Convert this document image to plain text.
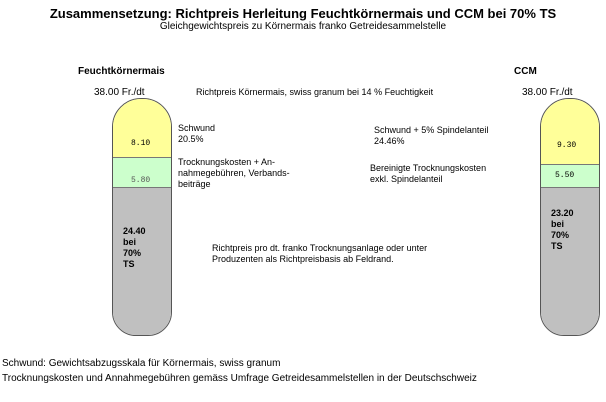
Zusammensetzung: Richtpreis Herleitung Feuchtkörnermais und CCM bei 70% TS
Gleichgewichtspreis zu Körnermais franko Getreidesammelstelle
Feuchtkörnermais
38.00 Fr./dt
8.10
5.80
24.40
bei
70%
TS
CCM
38.00 Fr./dt
9.30
5.50
23.20
bei
70%
TS
Richtpreis Körnermais, swiss granum bei 14 % Feuchtigkeit
Schwund
20.5%
Trocknungskosten + An-
nahmegebühren, Verbands-
beiträge
Schwund + 5% Spindelanteil
24.46%
Bereinigte Trocknungskosten
exkl. Spindelanteil
Richtpreis pro dt. franko Trocknungsanlage oder unter
Produzenten als Richtpreisbasis ab Feldrand.
Schwund: Gewichtsabzugsskala für Körnermais, swiss granum
Trocknungskosten und Annahmegebühren gemäss Umfrage Getreidesammelstellen in der Deutschschweiz
